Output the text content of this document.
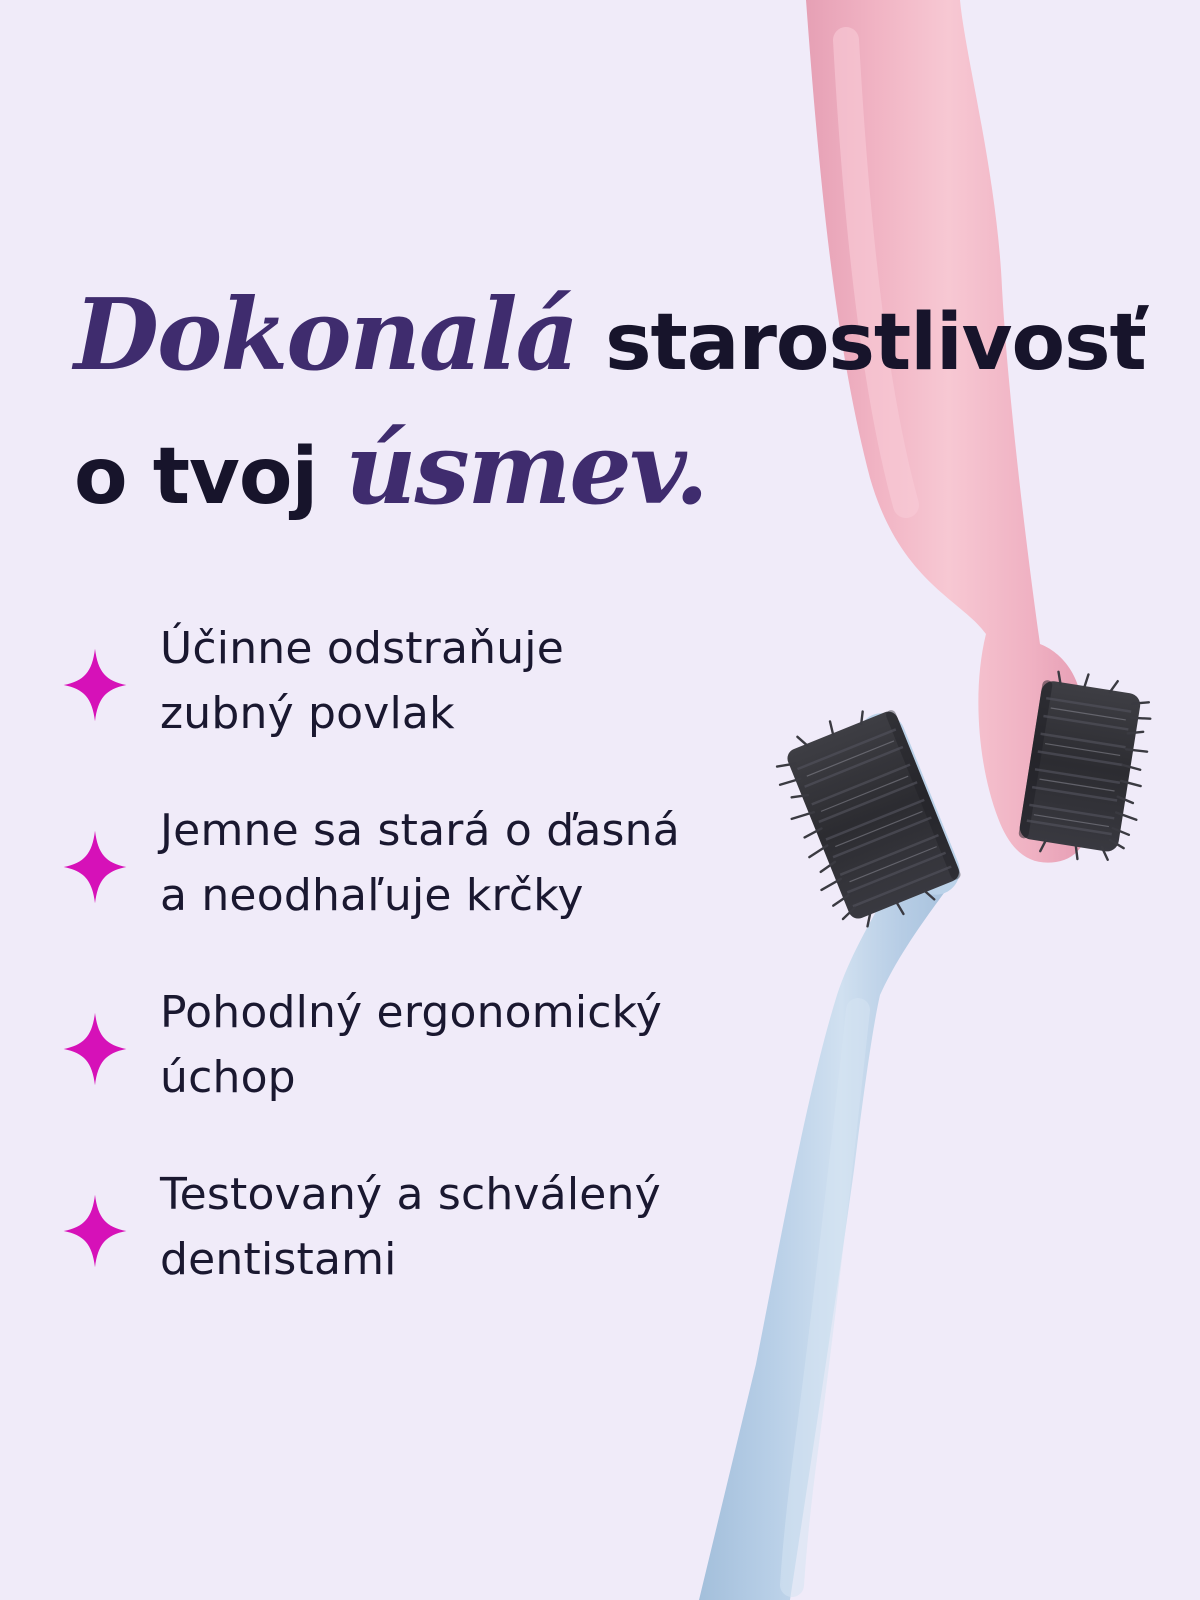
Dokonalá starostlivosť
o tvoj úsmev.
Účinne odstraňuje
zubný povlak
Jemne sa stará o ďasná
a neodhaľuje krčky
Pohodlný ergonomický
úchop
Testovaný a schválený
dentistami
